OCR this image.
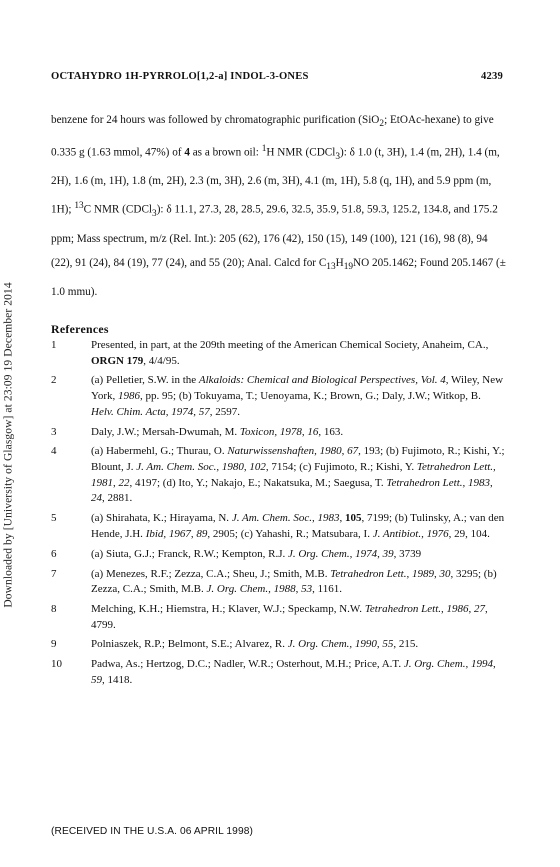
Downloaded by [University of Glasgow] at 23:09 19 December 2014
OCTAHYDRO 1H-PYRROLO[1,2-a] INDOL-3-ONES	4239

benzene for 24 hours was followed by chromatographic purification (SiO$_2$; EtOAc-hexane) to give 0.335 g (1.63 mmol, 47%) of 4 as a brown oil: $^1$H NMR (CDCl$_3$): δ 1.0 (t, 3H), 1.4 (m, 2H), 1.4 (m, 2H), 1.6 (m, 1H), 1.8 (m, 2H), 2.3 (m, 3H), 2.6 (m, 3H), 4.1 (m, 1H), 5.8 (q, 1H), and 5.9 ppm (m, 1H); $^{13}$C NMR (CDCl$_3$): δ 11.1, 27.3, 28, 28.5, 29.6, 32.5, 35.9, 51.8, 59.3, 125.2, 134.8, and 175.2 ppm; Mass spectrum, m/z (Rel. Int.): 205 (62), 176 (42), 150 (15), 149 (100), 121 (16), 98 (8), 94 (22), 91 (24), 84 (19), 77 (24), and 55 (20); Anal. Calcd for $C_{13}H_{19}NO$ 205.1462; Found 205.1467 (± 1.0 mmu).

References
1	Presented, in part, at the 209th meeting of the American Chemical Society, Anaheim, CA., ORGN 179, 4/4/95.
2	(a) Pelletier, S.W. in the Alkaloids: Chemical and Biological Perspectives, Vol. 4, Wiley, New York, 1986, pp. 95; (b) Tokuyama, T.; Uenoyama, K.; Brown, G.; Daly, J.W.; Witkop, B. Helv. Chim. Acta, 1974, 57, 2597.
3	Daly, J.W.; Mersah-Dwumah, M. Toxicon, 1978, 16, 163.
4	(a) Habermehl, G.; Thurau, O. Naturwissenshaften, 1980, 67, 193; (b) Fujimoto, R.; Kishi, Y.; Blount, J. J. Am. Chem. Soc., 1980, 102, 7154; (c) Fujimoto, R.; Kishi, Y. Tetrahedron Lett., 1981, 22, 4197; (d) Ito, Y.; Nakajo, E.; Nakatsuka, M.; Saegusa, T. Tetrahedron Lett., 1983, 24, 2881.
5	(a) Shirahata, K.; Hirayama, N. J. Am. Chem. Soc., 1983, 105, 7199; (b) Tulinsky, A.; van den Hende, J.H. Ibid, 1967, 89, 2905; (c) Yahashi, R.; Matsubara, I. J. Antibiot., 1976, 29, 104.
6	(a) Siuta, G.J.; Franck, R.W.; Kempton, R.J. J. Org. Chem., 1974, 39, 3739
7	(a) Menezes, R.F.; Zezza, C.A.; Sheu, J.; Smith, M.B. Tetrahedron Lett., 1989, 30, 3295; (b) Zezza, C.A.; Smith, M.B. J. Org. Chem., 1988, 53, 1161.
8	Melching, K.H.; Hiemstra, H.; Klaver, W.J.; Speckamp, N.W. Tetrahedron Lett., 1986, 27, 4799.
9	Polniaszek, R.P.; Belmont, S.E.; Alvarez, R. J. Org. Chem., 1990, 55, 215.
10	Padwa, As.; Hertzog, D.C.; Nadler, W.R.; Osterhout, M.H.; Price, A.T. J. Org. Chem., 1994, 59, 1418.
(RECEIVED IN THE U.S.A. 06 APRIL 1998)
